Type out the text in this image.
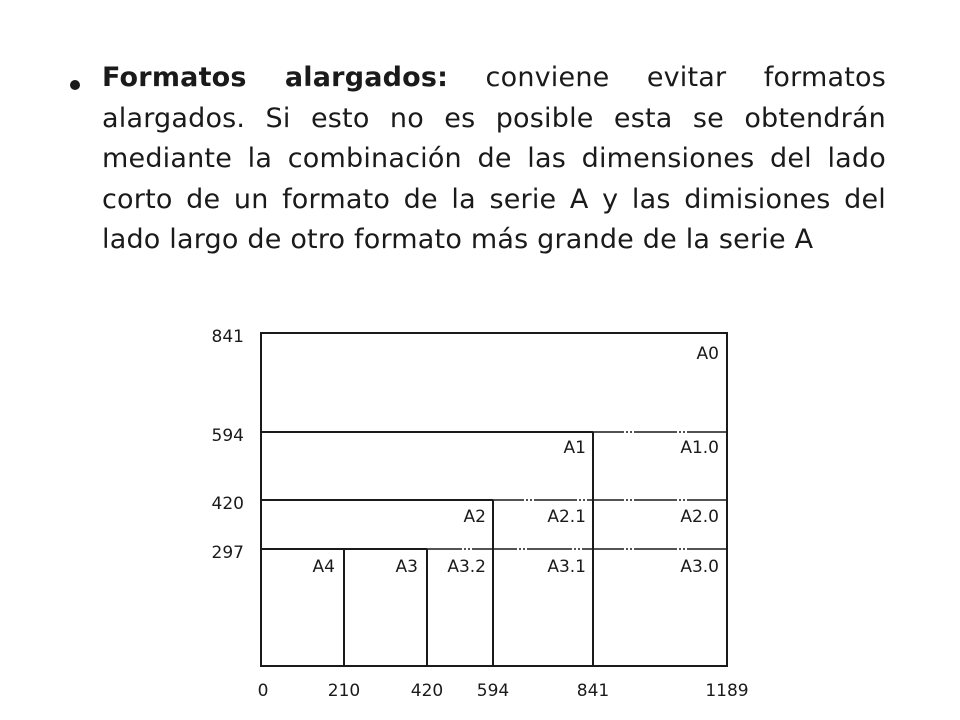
Formatos alargados: conviene evitar formatos alargados. Si esto no es posible esta se obtendrán mediante la combinación de las dimensiones del lado corto de un formato de la serie A y las dimisiones del lado largo de otro formato más grande de la serie A
841
594
420
297
0	210	420 594	841	1189
A0
A1	A1.0
A2	A2.1	A2.0
A4	A3 A3.2	A3.1	A3.0
